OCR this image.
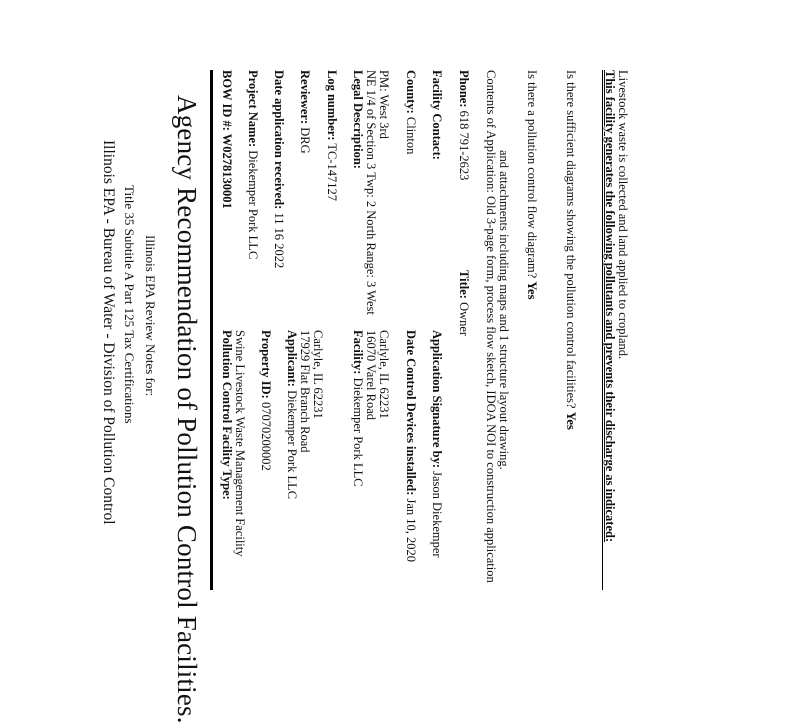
Illinois EPA - Bureau of Water - Division of Pollution Control Title 35 Subtitle A Part 125 Tax Certifications Illinois EPA Review Notes for: Agency Recommendation of Pollution Control Facilities. BOW ID #: W0278130001
Project Name: Diekemper Pork LLC Date application received: 11 16 2022
Reviewer: DRG Log number: TC-147127
Legal Description: NE 1/4 of Section 3 Twp: 2 North Range: 3 West PM: West 3rd County: Clinton Facility Contact: Phone: 618 791-2623
Pollution Control Facility Type: Swine Livestock Waste Management Facility Property ID: 07070200002
Applicant: Diekemper Pork LLC 17929 Flat Branch Road Carlyle, IL 62231 Facility: Diekemper Pork LLC
16070 Varel Road Carlyle, IL 62231 Date Control Devices installed: Jan 10, 2020
Application Signature by: Jason Diekemper
Title: Owner Contents of Application: Old 3-page form, process flow sketch, IDOA NOI to construction application and attachments including maps and 1 structure layout drawing. Is there a pollution control flow diagram? Yes Is there sufficient diagrams showing the pollution control facilities? Yes This facility generates the following pollutants and prevents their discharge as indicated: Livestock waste is collected and land applied to cropland.
